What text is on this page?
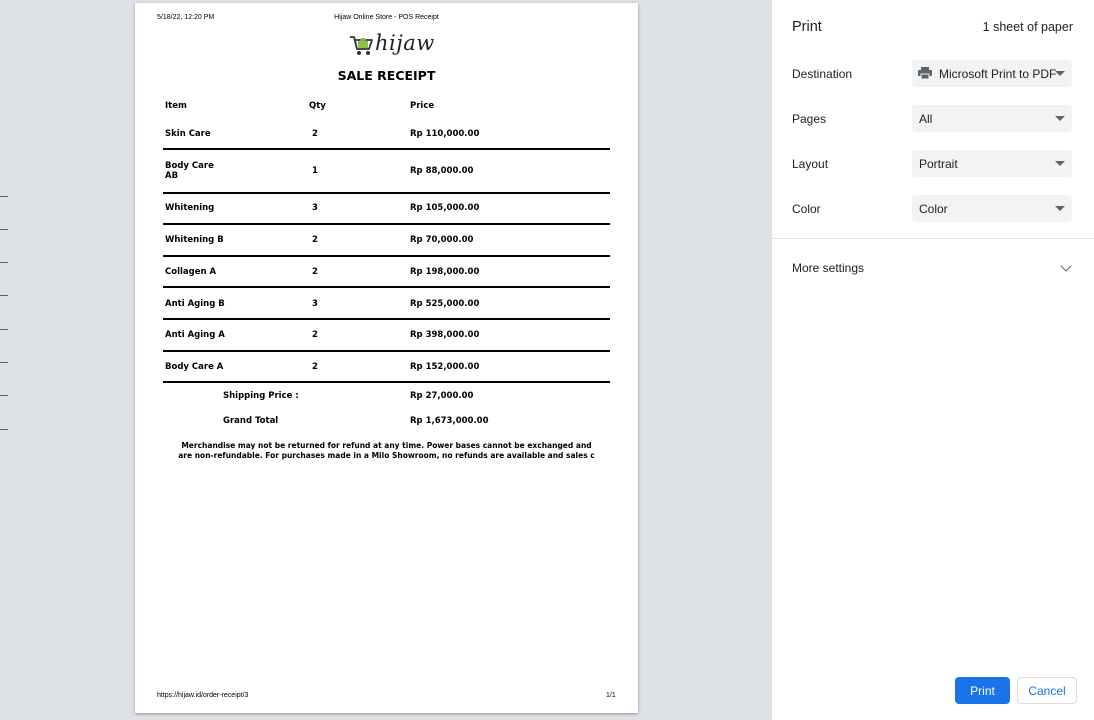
5/18/22, 12:20 PM	Hijaw Online Store - POS Receipt
hijaw
SALE RECEIPT
Item	Qty	Price
Skin Care	2	Rp 110,000.00
Body Care
AB	1	Rp 88,000.00
Whitening	3	Rp 105,000.00
Whitening B	2	Rp 70,000.00
Collagen A	2	Rp 198,000.00
Anti Aging B	3	Rp 525,000.00
Anti Aging A	2	Rp 398,000.00
Body Care A	2	Rp 152,000.00
Shipping Price :	Rp 27,000.00
Grand Total	Rp 1,673,000.00
Merchandise may not be returned for refund at any time. Power bases cannot be exchanged and are non-refundable. For purchases made in a Milo Showroom, no refunds are available and sales c
https://hijaw.id/order-receipt/3	1/1
Print	1 sheet of paper
Destination	Microsoft Print to PDF
Pages	All
Layout	Portrait
Color	Color
More settings
Print	Cancel
